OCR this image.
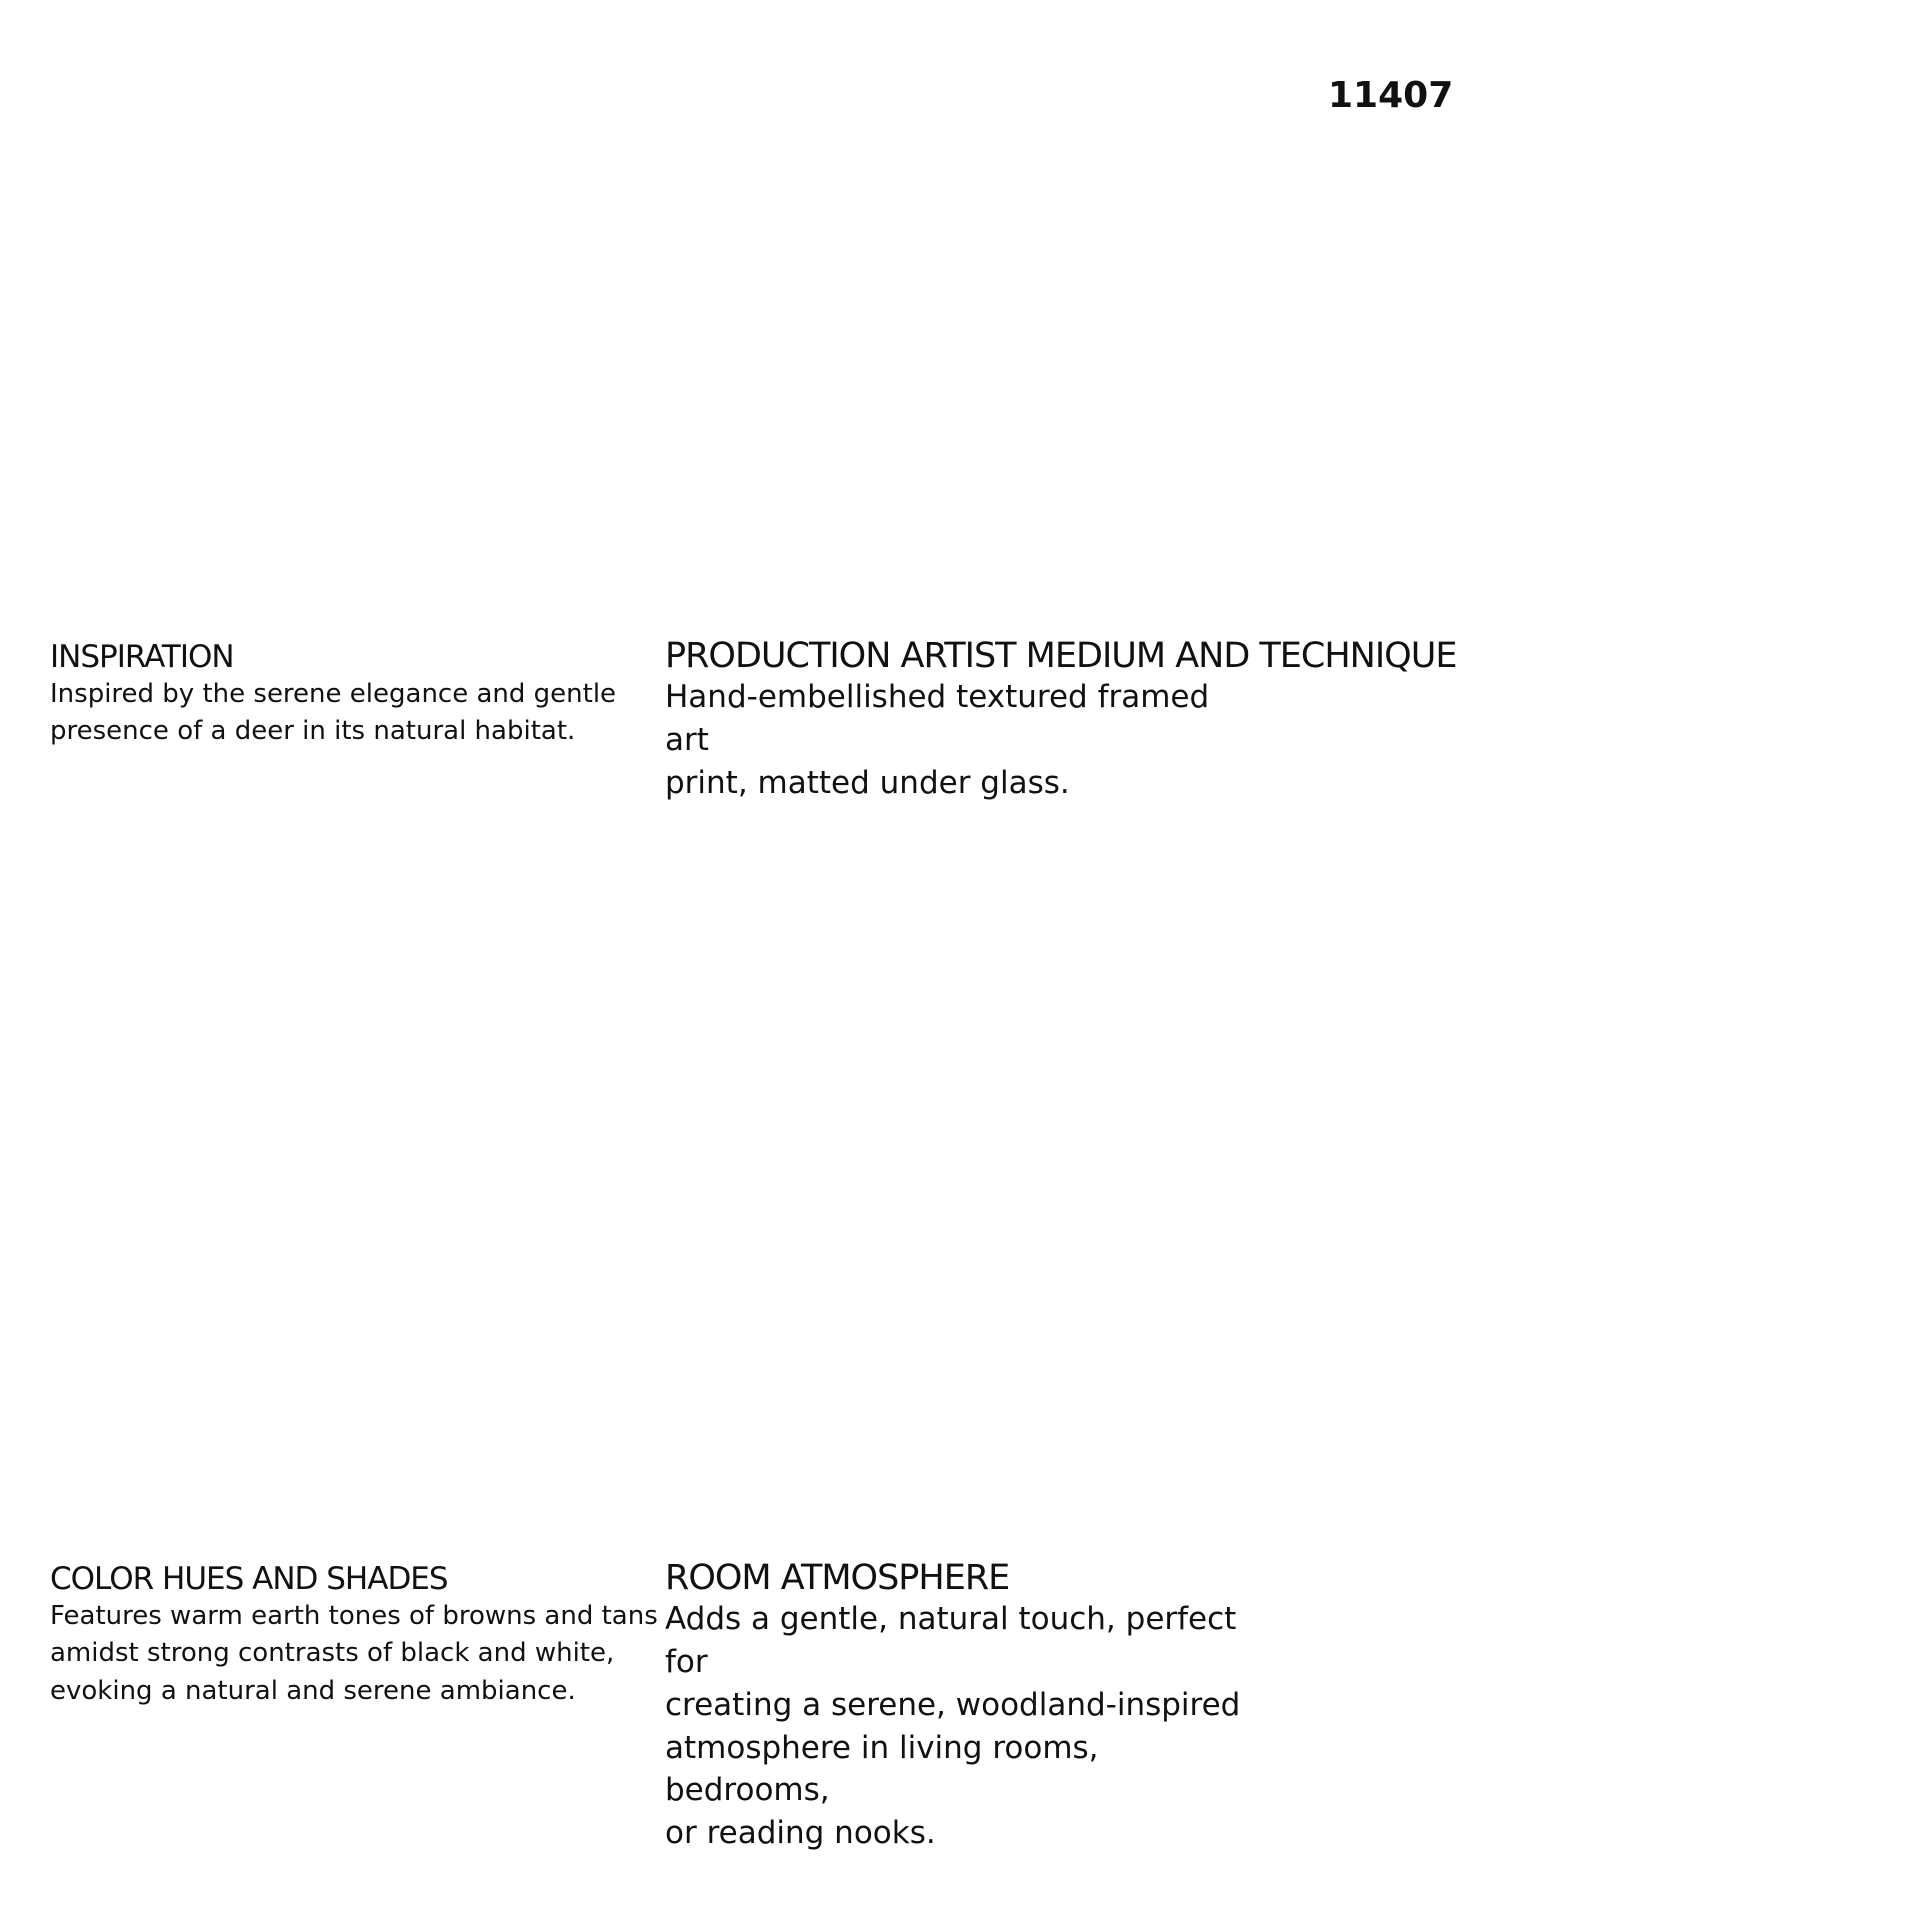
11407
INSPIRATION
Inspired by the serene elegance and gentle
presence of a deer in its natural habitat.
PRODUCTION ARTIST MEDIUM AND TECHNIQUE
Hand-embellished textured framed art
print, matted under glass.
COLOR HUES AND SHADES
Features warm earth tones of browns and tans
amidst strong contrasts of black and white,
evoking a natural and serene ambiance.
ROOM ATMOSPHERE
Adds a gentle, natural touch, perfect for
creating a serene, woodland-inspired
atmosphere in living rooms, bedrooms,
or reading nooks.
